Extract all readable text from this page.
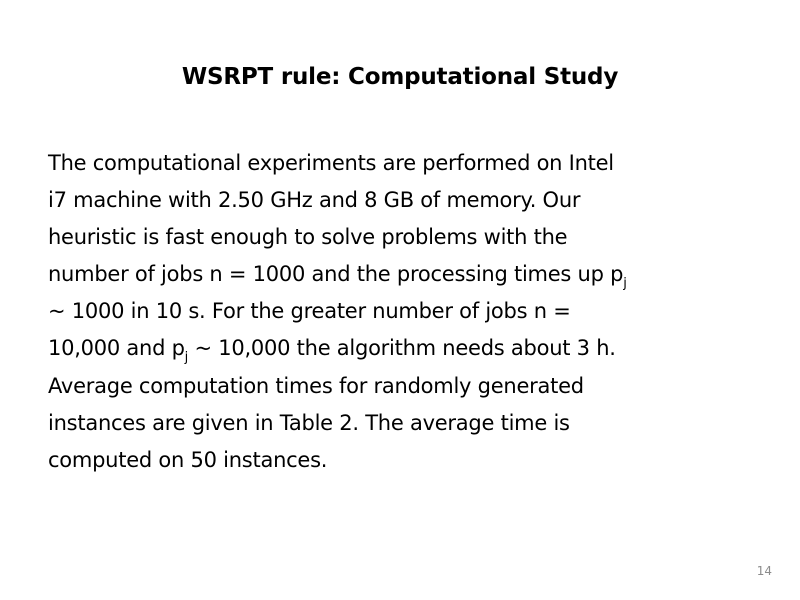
WSRPT rule: Computational Study
The computational experiments are performed on Intel
i7 machine with 2.50 GHz and 8 GB of memory. Our
heuristic is fast enough to solve problems with the
number of jobs n = 1000 and the processing times up $p_j$
~ 1000 in 10 s. For the greater number of jobs n =
10,000 and $p_j$ ~ 10,000 the algorithm needs about 3 h.
Average computation times for randomly generated
instances are given in Table 2. The average time is
computed on 50 instances.
14
